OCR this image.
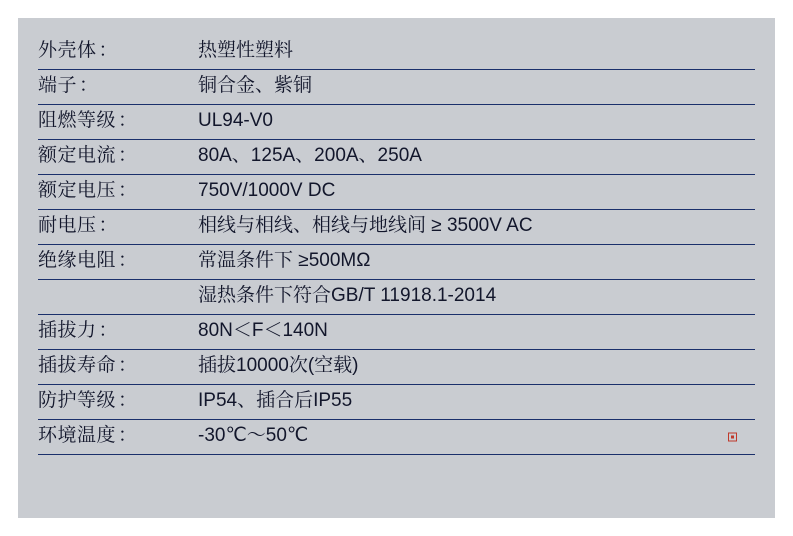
外壳体 ：	热塑性塑料
端子 ：	铜合金、紫铜
阻燃等级 ：	UL94-V0
额定电流 ：	80A、125A、200A、250A
额定电压 ：	750V/1000V DC
耐电压 ：	相线与相线、相线与地线间 ≥ 3500V AC
绝缘电阻 ：	常温条件下 ≥500MΩ
	湿热条件下符合GB/T 11918.1-2014
插拔力 ：	80N＜F＜140N
插拔寿命 ：	插拔10000次(空载)
防护等级 ：	IP54、插合后IP55
环境温度 ：	-30℃～50℃
